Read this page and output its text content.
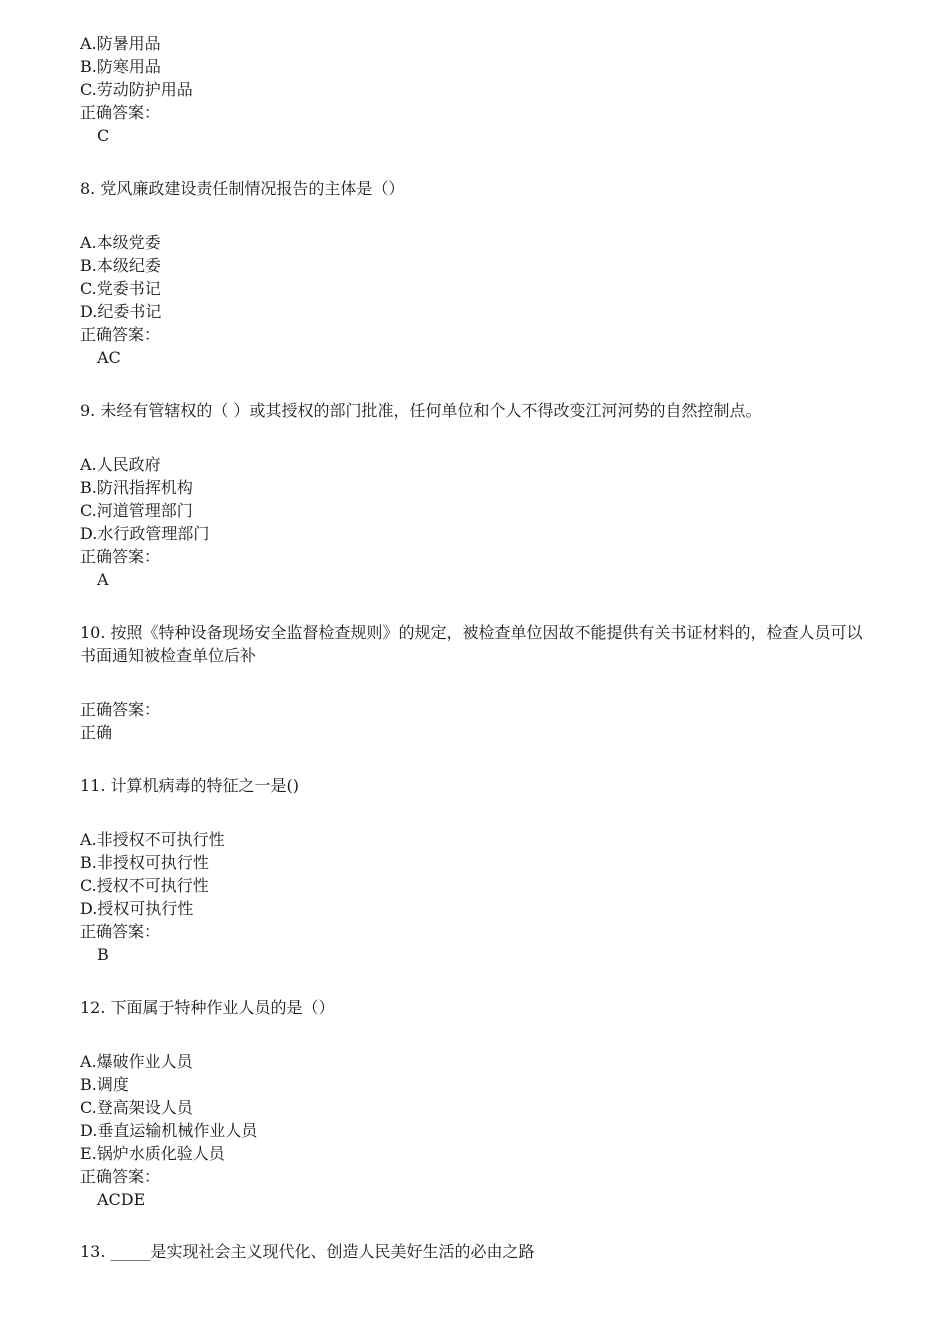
A.防暑用品
B.防寒用品
C.劳动防护用品
正确答案：
C
8. 党风廉政建设责任制情况报告的主体是（）
A.本级党委
B.本级纪委
C.党委书记
D.纪委书记
正确答案：
AC
9. 未经有管辖权的（ ）或其授权的部门批准，任何单位和个人不得改变江河河势的自然控制点。
A.人民政府
B.防汛指挥机构
C.河道管理部门
D.水行政管理部门
正确答案：
A
10. 按照《特种设备现场安全监督检查规则》的规定，被检查单位因故不能提供有关书证材料的，检查人员可以书面通知被检查单位后补
正确答案：
正确
11. 计算机病毒的特征之一是()
A.非授权不可执行性
B.非授权可执行性
C.授权不可执行性
D.授权可执行性
正确答案：
B
12. 下面属于特种作业人员的是（）
A.爆破作业人员
B.调度
C.登高架设人员
D.垂直运输机械作业人员
E.锅炉水质化验人员
正确答案：
ACDE
13. _____是实现社会主义现代化、创造人民美好生活的必由之路
